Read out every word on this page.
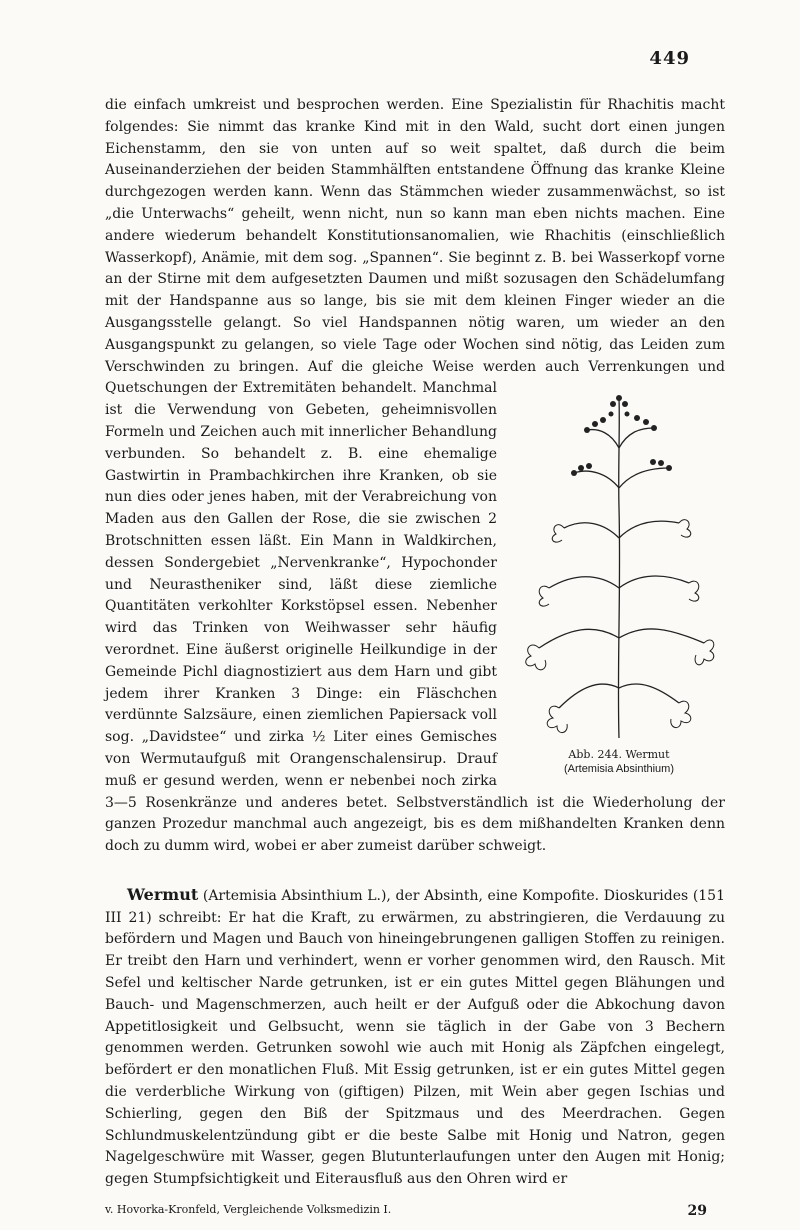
449

die einfach umkreist und besprochen werden. Eine Spezialistin für Rhachitis macht folgendes: Sie nimmt das kranke Kind mit in den Wald, sucht dort einen jungen Eichenstamm, den sie von unten auf so weit spaltet, daß durch die beim Auseinanderziehen der beiden Stammhälften entstandene Öffnung das kranke Kleine durchgezogen werden kann. Wenn das Stämmchen wieder zusammenwächst, so ist „die Unterwachs“ geheilt, wenn nicht, nun so kann man eben nichts machen. Eine andere wiederum behandelt Konstitutionsanomalien, wie Rhachitis (einschließlich Wasserkopf), Anämie, mit dem sog. „Spannen“. Sie beginnt z. B. bei Wasserkopf vorne an der Stirne mit dem aufgesetzten Daumen und mißt sozusagen den Schädelumfang mit der Handspanne aus so lange, bis sie mit dem kleinen Finger wieder an die Ausgangsstelle gelangt. So viel Handspannen nötig waren, um wieder an den Ausgangspunkt zu gelangen, so viele Tage oder Wochen sind nötig, das Leiden zum Verschwinden zu bringen. Auf die gleiche Weise werden auch Verrenkungen und Quetschungen der Extremitäten behandelt.
Abb. 244. Wermut
(Artemisia Absinthium)
Manchmal ist die Verwendung von Gebeten, geheimnisvollen Formeln und Zeichen auch mit innerlicher Behandlung verbunden. So behandelt z. B. eine ehemalige Gastwirtin in Prambachkirchen ihre Kranken, ob sie nun dies oder jenes haben, mit der Verabreichung von Maden aus den Gallen der Rose, die sie zwischen 2 Brotschnitten essen läßt. Ein Mann in Waldkirchen, dessen Sondergebiet „Nervenkranke“, Hypochonder und Neurastheniker sind, läßt diese ziemliche Quantitäten verkohlter Korkstöpsel essen. Nebenher wird das Trinken von Weihwasser sehr häufig verordnet. Eine äußerst originelle Heilkundige in der Gemeinde Pichl diagnostiziert aus dem Harn und gibt jedem ihrer Kranken 3 Dinge: ein Fläschchen verdünnte Salzsäure, einen ziemlichen Papiersack voll sog. „Davidstee“ und zirka ½ Liter eines Gemisches von Wermutaufguß mit Orangenschalensirup. Drauf muß er gesund werden, wenn er nebenbei noch zirka 3—5 Rosenkränze und anderes betet. Selbstverständlich ist die Wiederholung der ganzen Prozedur manchmal auch angezeigt, bis es dem mißhandelten Kranken denn doch zu dumm wird, wobei er aber zumeist darüber schweigt.

Wermut (Artemisia Absinthium L.), der Absinth, eine Kompofite. Dioskurides (151 III 21) schreibt: Er hat die Kraft, zu erwärmen, zu abstringieren, die Verdauung zu befördern und Magen und Bauch von hineingebrungenen galligen Stoffen zu reinigen. Er treibt den Harn und verhindert, wenn er vorher genommen wird, den Rausch. Mit Sefel und keltischer Narde getrunken, ist er ein gutes Mittel gegen Blähungen und Bauch- und Magenschmerzen, auch heilt er der Aufguß oder die Abkochung davon Appetitlosigkeit und Gelbsucht, wenn sie täglich in der Gabe von 3 Bechern genommen werden. Getrunken sowohl wie auch mit Honig als Zäpfchen eingelegt, befördert er den monatlichen Fluß. Mit Essig getrunken, ist er ein gutes Mittel gegen die verderbliche Wirkung von (giftigen) Pilzen, mit Wein aber gegen Ischias und Schierling, gegen den Biß der Spitzmaus und des Meerdrachen. Gegen Schlundmuskelentzündung gibt er die beste Salbe mit Honig und Natron, gegen Nagelgeschwüre mit Wasser, gegen Blutunterlaufungen unter den Augen mit Honig; gegen Stumpfsichtigkeit und Eiterausfluß aus den Ohren wird er

v. Hovorka-Kronfeld, Vergleichende Volksmedizin I.	29
